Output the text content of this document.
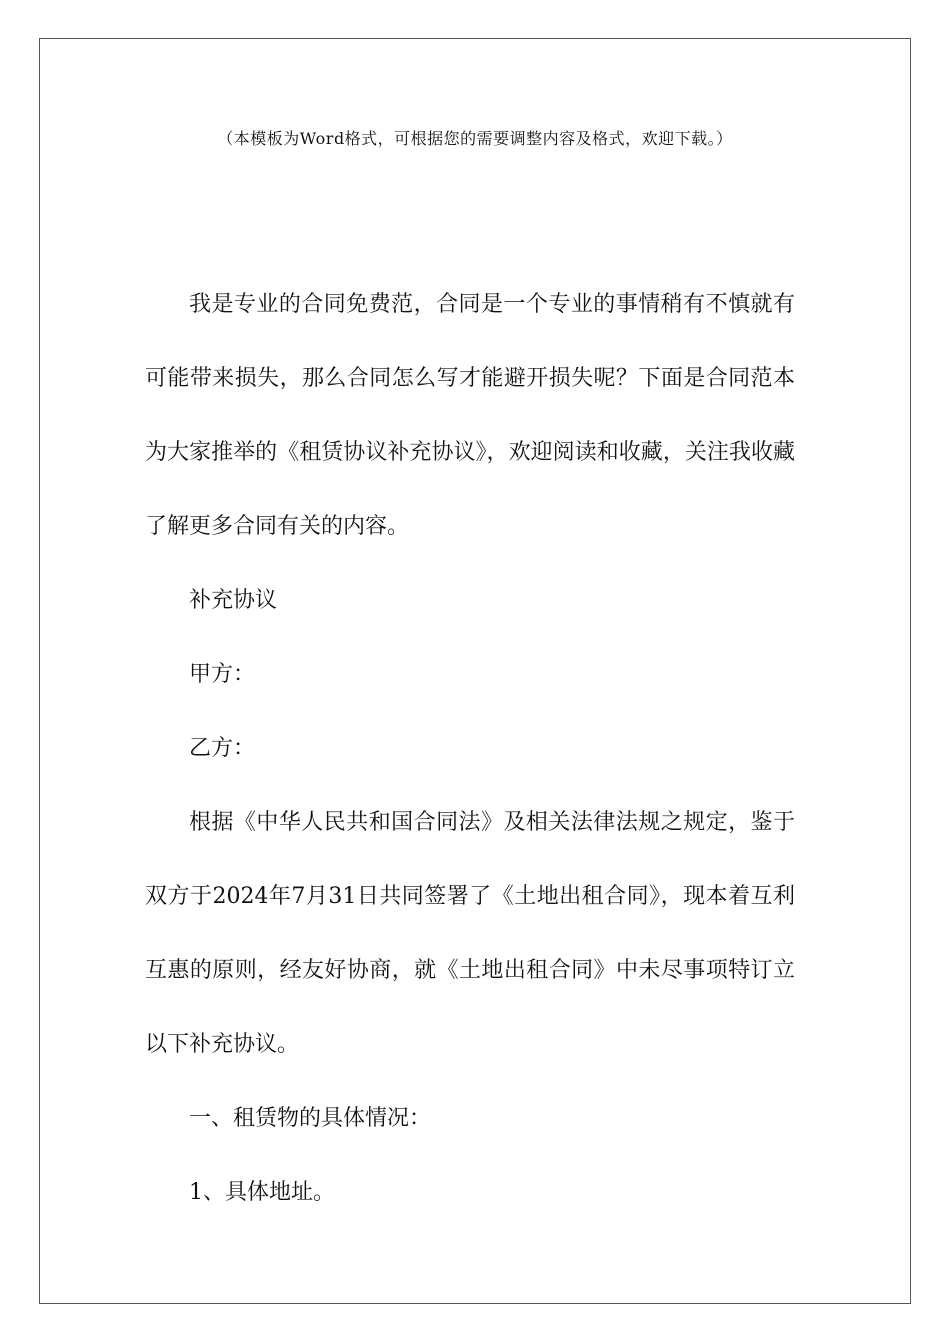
（本模板为Word格式，可根据您的需要调整内容及格式，欢迎下载。）

我是专业的合同免费范，合同是一个专业的事情稍有不慎就有可能带来损失，那么合同怎么写才能避开损失呢？下面是合同范本为大家推举的《租赁协议补充协议》，欢迎阅读和收藏，关注我收藏了解更多合同有关的内容。

补充协议

甲方：

乙方：

根据《中华人民共和国合同法》及相关法律法规之规定，鉴于双方于2024年7月31日共同签署了《土地出租合同》，现本着互利互惠的原则，经友好协商，就《土地出租合同》中未尽事项特订立以下补充协议。

一、租赁物的具体情况：

1、具体地址。
